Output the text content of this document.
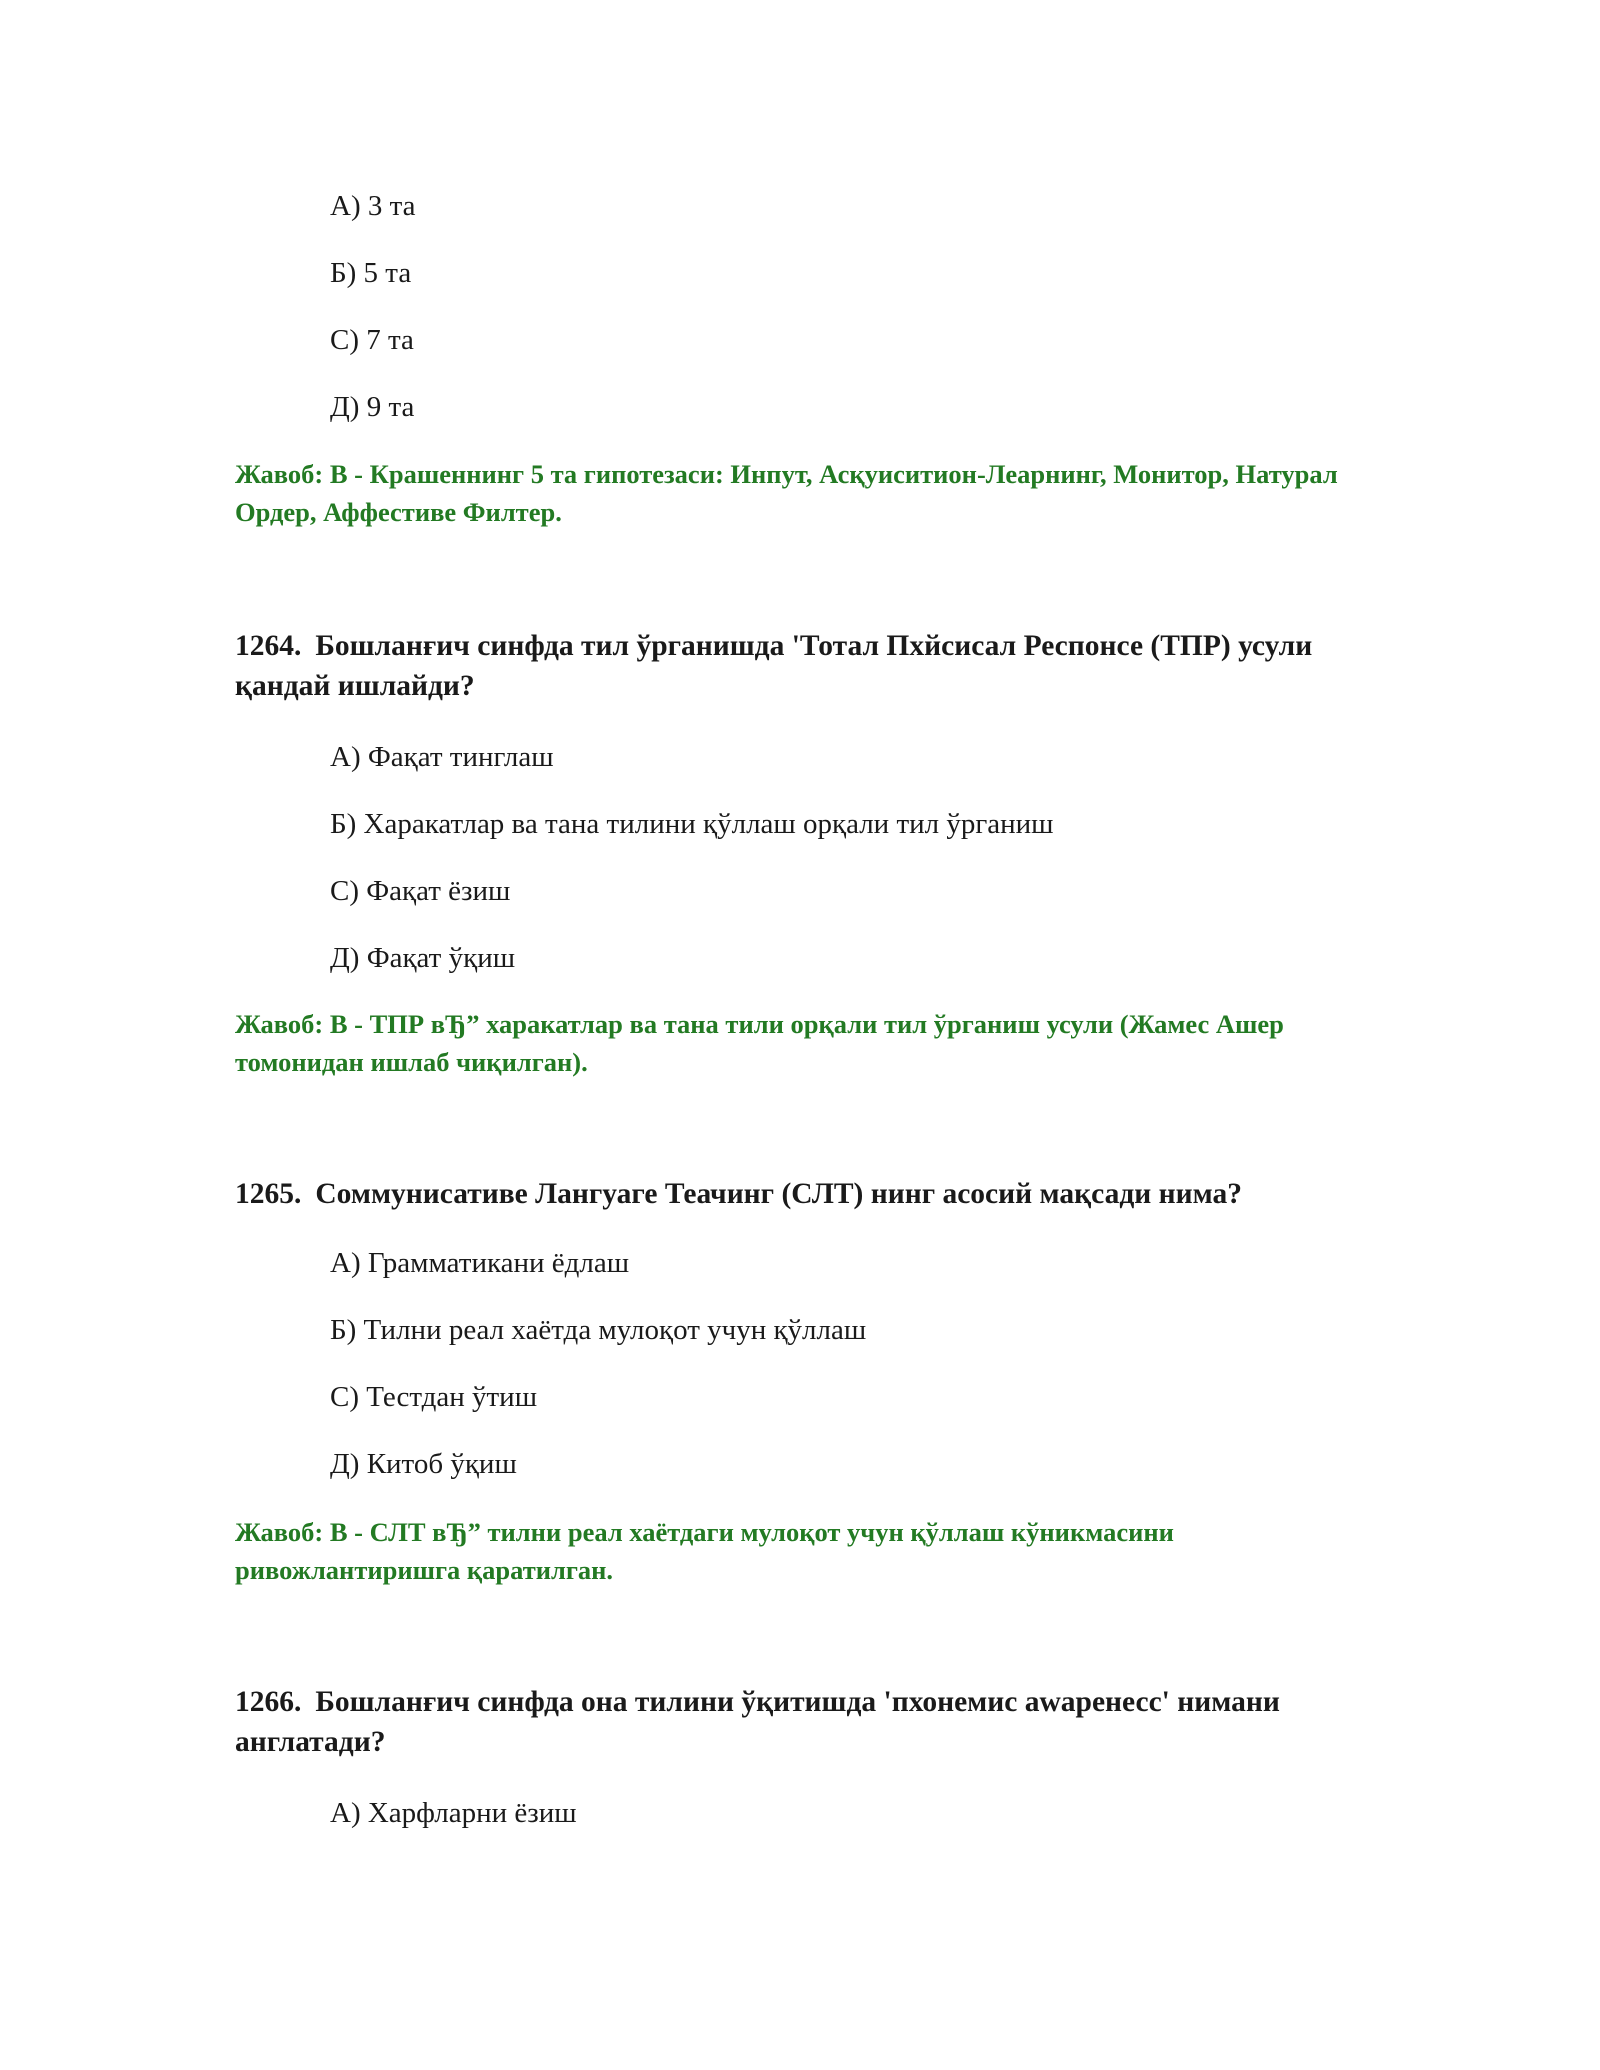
А) 3 та
Б) 5 та
С) 7 та
Д) 9 та
Жавоб: В - Крашеннинг 5 та гипотезаси: Инпут, Асқуиситион-Леарнинг, Монитор, Натурал Ордер, Аффестиве Филтер.
1264. Бошланғич синфда тил ўрганишда 'Тотал Пхйсисал Респонсе (ТПР) усули қандай ишлайди?
А) Фақат тинглаш
Б) Харакатлар ва тана тилини қўллаш орқали тил ўрганиш
С) Фақат ёзиш
Д) Фақат ўқиш
Жавоб: В - ТПР вЂ” харакатлар ва тана тили орқали тил ўрганиш усули (Жамес Ашер томонидан ишлаб чиқилган).
1265. Соммунисативе Лангуаге Теачинг (СЛТ) нинг асосий мақсади нима?
А) Грамматикани ёдлаш
Б) Тилни реал хаётда мулоқот учун қўллаш
С) Тестдан ўтиш
Д) Китоб ўқиш
Жавоб: В - СЛТ вЂ” тилни реал хаётдаги мулоқот учун қўллаш кўникмасини ривожлантиришга қаратилган.
1266. Бошланғич синфда она тилини ўқитишда 'пхонемис аwаренесс' нимани англатади?
А) Харфларни ёзиш
